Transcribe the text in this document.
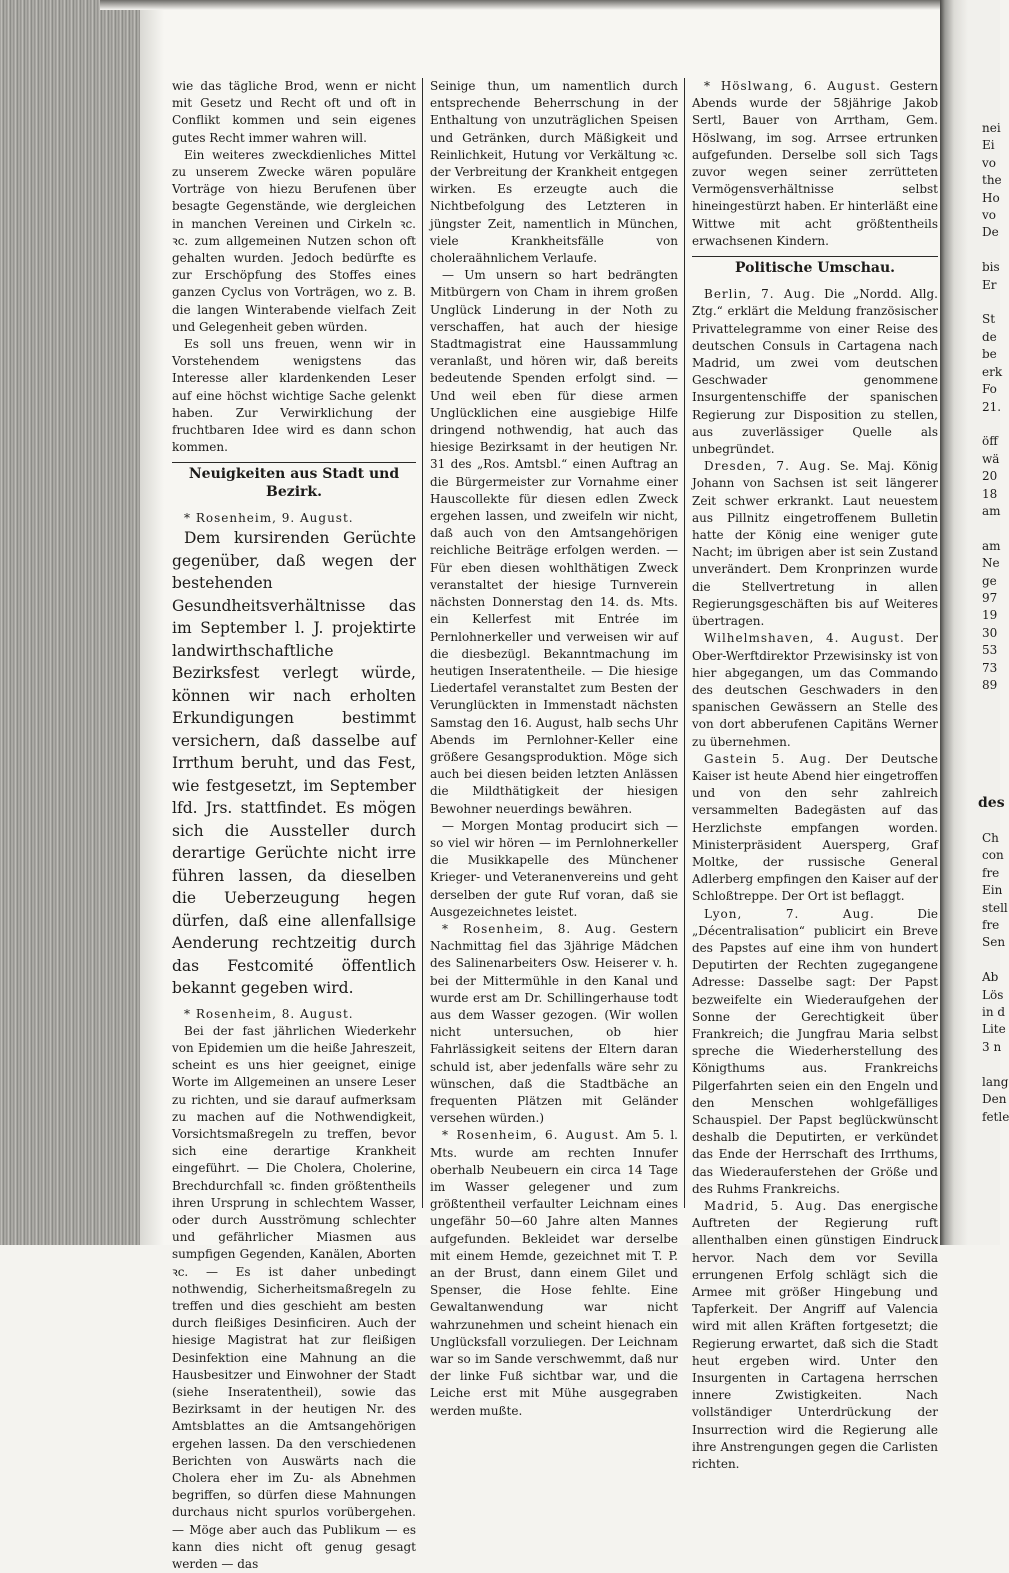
wie das tägliche Brod, wenn er nicht mit Gesetz und Recht oft und oft in Conflikt kommen und sein eigenes gutes Recht immer wahren will.

Ein weiteres zweckdienliches Mittel zu unserem Zwecke wären populäre Vorträge von hiezu Berufenen über besagte Gegenstände, wie dergleichen in manchen Vereinen und Cirkeln ꝛc. ꝛc. zum allgemeinen Nutzen schon oft gehalten wurden. Jedoch bedürfte es zur Erschöpfung des Stoffes eines ganzen Cyclus von Vorträgen, wo z. B. die langen Winterabende vielfach Zeit und Gelegenheit geben würden.

Es soll uns freuen, wenn wir in Vorstehendem wenigstens das Interesse aller klardenkenden Leser auf eine höchst wichtige Sache gelenkt haben. Zur Verwirklichung der fruchtbaren Idee wird es dann schon kommen.

Neuigkeiten aus Stadt und Bezirk.

* Rosenheim, 9. August.

Dem kursirenden Gerüchte gegenüber, daß wegen der bestehenden Gesundheitsverhältnisse das im September l. J. projektirte landwirthschaftliche Bezirksfest verlegt würde, können wir nach erholten Erkundigungen bestimmt versichern, daß dasselbe auf Irrthum beruht, und das Fest, wie festgesetzt, im September lfd. Jrs. stattfindet. Es mögen sich die Aussteller durch derartige Gerüchte nicht irre führen lassen, da dieselben die Ueberzeugung hegen dürfen, daß eine allenfallsige Aenderung rechtzeitig durch das Festcomité öffentlich bekannt gegeben wird.

* Rosenheim, 8. August.

Bei der fast jährlichen Wiederkehr von Epidemien um die heiße Jahreszeit, scheint es uns hier geeignet, einige Worte im Allgemeinen an unsere Leser zu richten, und sie darauf aufmerksam zu machen auf die Nothwendigkeit, Vorsichtsmaßregeln zu treffen, bevor sich eine derartige Krankheit eingeführt. — Die Cholera, Cholerine, Brechdurchfall ꝛc. finden größtentheils ihren Ursprung in schlechtem Wasser, oder durch Ausströmung schlechter und gefährlicher Miasmen aus sumpfigen Gegenden, Kanälen, Aborten ꝛc. — Es ist daher unbedingt nothwendig, Sicherheitsmaßregeln zu treffen und dies geschieht am besten durch fleißiges Desinficiren. Auch der hiesige Magistrat hat zur fleißigen Desinfektion eine Mahnung an die Hausbesitzer und Einwohner der Stadt (siehe Inseratentheil), sowie das Bezirksamt in der heutigen Nr. des Amtsblattes an die Amtsangehörigen ergehen lassen. Da den verschiedenen Berichten von Auswärts nach die Cholera eher im Zu- als Abnehmen begriffen, so dürfen diese Mahnungen durchaus nicht spurlos vorübergehen. — Möge aber auch das Publikum — es kann dies nicht oft genug gesagt werden — das

Seinige thun, um namentlich durch entsprechende Beherrschung in der Enthaltung von unzuträglichen Speisen und Getränken, durch Mäßigkeit und Reinlichkeit, Hutung vor Verkältung ꝛc. der Verbreitung der Krankheit entgegen wirken. Es erzeugte auch die Nichtbefolgung des Letzteren in jüngster Zeit, namentlich in München, viele Krankheitsfälle von choleraähnlichem Verlaufe.

— Um unsern so hart bedrängten Mitbürgern von Cham in ihrem großen Unglück Linderung in der Noth zu verschaffen, hat auch der hiesige Stadtmagistrat eine Haussammlung veranlaßt, und hören wir, daß bereits bedeutende Spenden erfolgt sind. — Und weil eben für diese armen Unglücklichen eine ausgiebige Hilfe dringend nothwendig, hat auch das hiesige Bezirksamt in der heutigen Nr. 31 des „Ros. Amtsbl.“ einen Auftrag an die Bürgermeister zur Vornahme einer Hauscollekte für diesen edlen Zweck ergehen lassen, und zweifeln wir nicht, daß auch von den Amtsangehörigen reichliche Beiträge erfolgen werden. — Für eben diesen wohlthätigen Zweck veranstaltet der hiesige Turnverein nächsten Donnerstag den 14. ds. Mts. ein Kellerfest mit Entrée im Pernlohnerkeller und verweisen wir auf die diesbezügl. Bekanntmachung im heutigen Inseratentheile. — Die hiesige Liedertafel veranstaltet zum Besten der Verunglückten in Immenstadt nächsten Samstag den 16. August, halb sechs Uhr Abends im Pernlohner-Keller eine größere Gesangsproduktion. Möge sich auch bei diesen beiden letzten Anlässen die Mildthätigkeit der hiesigen Bewohner neuerdings bewähren.

— Morgen Montag producirt sich — so viel wir hören — im Pernlohnerkeller die Musikkapelle des Münchener Krieger- und Veteranenvereins und geht derselben der gute Ruf voran, daß sie Ausgezeichnetes leistet.

* Rosenheim, 8. Aug. Gestern Nachmittag fiel das 3jährige Mädchen des Salinenarbeiters Osw. Heiserer v. h. bei der Mittermühle in den Kanal und wurde erst am Dr. Schillingerhause todt aus dem Wasser gezogen. (Wir wollen nicht untersuchen, ob hier Fahrlässigkeit seitens der Eltern daran schuld ist, aber jedenfalls wäre sehr zu wünschen, daß die Stadtbäche an frequenten Plätzen mit Geländer versehen würden.)

* Rosenheim, 6. August. Am 5. l. Mts. wurde am rechten Innufer oberhalb Neubeuern ein circa 14 Tage im Wasser gelegener und zum größtentheil verfaulter Leichnam eines ungefähr 50—60 Jahre alten Mannes aufgefunden. Bekleidet war derselbe mit einem Hemde, gezeichnet mit T. P. an der Brust, dann einem Gilet und Spenser, die Hose fehlte. Eine Gewaltanwendung war nicht wahrzunehmen und scheint hienach ein Unglücksfall vorzuliegen. Der Leichnam war so im Sande verschwemmt, daß nur der linke Fuß sichtbar war, und die Leiche erst mit Mühe ausgegraben werden mußte.

* Höslwang, 6. August. Gestern Abends wurde der 58jährige Jakob Sertl, Bauer von Arrtham, Gem. Höslwang, im sog. Arrsee ertrunken aufgefunden. Derselbe soll sich Tags zuvor wegen seiner zerrütteten Vermögensverhältnisse selbst hineingestürzt haben. Er hinterläßt eine Wittwe mit acht größtentheils erwachsenen Kindern.

Politische Umschau.

Berlin, 7. Aug. Die „Nordd. Allg. Ztg.“ erklärt die Meldung französischer Privattelegramme von einer Reise des deutschen Consuls in Cartagena nach Madrid, um zwei vom deutschen Geschwader genommene Insurgentenschiffe der spanischen Regierung zur Disposition zu stellen, aus zuverlässiger Quelle als unbegründet.

Dresden, 7. Aug. Se. Maj. König Johann von Sachsen ist seit längerer Zeit schwer erkrankt. Laut neuestem aus Pillnitz eingetroffenem Bulletin hatte der König eine weniger gute Nacht; im übrigen aber ist sein Zustand unverändert. Dem Kronprinzen wurde die Stellvertretung in allen Regierungsgeschäften bis auf Weiteres übertragen.

Wilhelmshaven, 4. August. Der Ober-Werftdirektor Przewisinsky ist von hier abgegangen, um das Commando des deutschen Geschwaders in den spanischen Gewässern an Stelle des von dort abberufenen Capitäns Werner zu übernehmen.

Gastein 5. Aug. Der Deutsche Kaiser ist heute Abend hier eingetroffen und von den sehr zahlreich versammelten Badegästen auf das Herzlichste empfangen worden. Ministerpräsident Auersperg, Graf Moltke, der russische General Adlerberg empfingen den Kaiser auf der Schloßtreppe. Der Ort ist beflaggt.

Lyon, 7. Aug.	Die „Décentralisation“ publicirt ein Breve des Papstes auf eine ihm von hundert Deputirten der Rechten zugegangene Adresse: Dasselbe sagt: Der Papst bezweifelte ein Wiederaufgehen der Sonne der Gerechtigkeit über Frankreich; die Jungfrau Maria selbst spreche die Wiederherstellung des Königthums aus. Frankreichs Pilgerfahrten seien ein den Engeln und den Menschen wohlgefälliges Schauspiel. Der Papst beglückwünscht deshalb die Deputirten, er verkündet das Ende der Herrschaft des Irrthums, das Wiederauferstehen der Größe und des Ruhms Frankreichs.

Madrid, 5. Aug. Das energische Auftreten der Regierung ruft allenthalben einen günstigen Eindruck hervor. Nach dem vor Sevilla errungenen Erfolg schlägt sich die Armee mit größer Hingebung und Tapferkeit. Der Angriff auf Valencia wird mit allen Kräften fortgesetzt; die Regierung erwartet, daß sich die Stadt heut ergeben wird. Unter den Insurgenten in Cartagena herrschen innere Zwistigkeiten. Nach vollständiger Unterdrückung der Insurrection wird die Regierung alle ihre Anstrengungen gegen die Carlisten richten.

nei
Ei
vo
the
Ho
vo
De

bis
Er

St
de
be
erk
Fo
21.

öff
wä
20
18
am

am
Ne
ge
97
19
30
53
73
89
des
Ch
con
fre
Ein
stell
fre
Sen

Ab
Lös
in d
Lite
3 n

lang
Den
fetle
